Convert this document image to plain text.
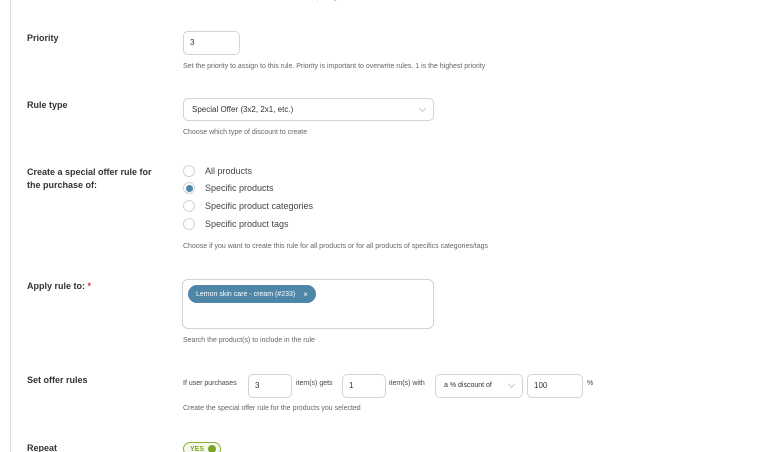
Priority	3
Set the priority to assign to this rule. Priority is important to overwrite rules. 1 is the highest priority
Rule type	Special Offer (3x2, 2x1, etc.)
Choose which type of discount to create
Create a special offer rule for
the purchase of:
All products
Specific products
Specific product categories
Specific product tags
Choose if you want to create this rule for all products or for all products of specifics categories/tags
Apply rule to: *
Lemon skin care - cream (#233) ×
Search the product(s) to include in the rule
Set offer rules	If user purchases	3	item(s) gets	1	item(s) with	a % discount of	100	%
Create the special offer rule for the products you selected
Repeat	YES
